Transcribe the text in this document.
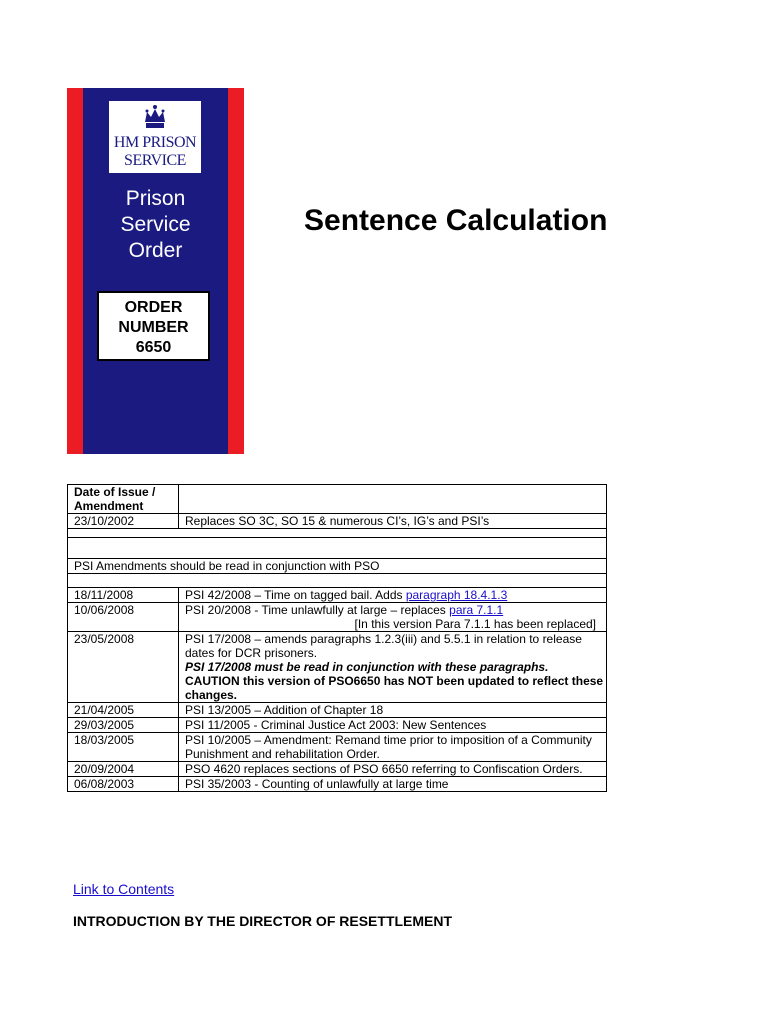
HM PRISON
SERVICE
Prison
Service
Order
ORDER
NUMBER
6650
Sentence Calculation
Date of Issue / Amendment	
23/10/2002	Replaces SO 3C, SO 15 & numerous CI’s, IG’s and PSI’s

PSI Amendments should be read in conjunction with PSO	

18/11/2008	PSI 42/2008 – Time on tagged bail. Adds paragraph 18.4.1.3
10/06/2008	PSI 20/2008 - Time unlawfully at large – replaces para 7.1.1
[In this version Para 7.1.1 has been replaced]

23/05/2008	PSI 17/2008 – amends paragraphs 1.2.3(iii) and 5.5.1 in relation to release dates for DCR prisoners.
PSI 17/2008 must be read in conjunction with these paragraphs.
CAUTION this version of PSO6650 has NOT been updated to reflect these changes.

21/04/2005	PSI 13/2005 – Addition of Chapter 18
29/03/2005	PSI 11/2005 - Criminal Justice Act 2003: New Sentences
18/03/2005	PSI 10/2005 – Amendment: Remand time prior to imposition of a Community Punishment and rehabilitation Order.
20/09/2004	PSO 4620 replaces sections of PSO 6650 referring to Confiscation Orders.
06/08/2003	PSI 35/2003 - Counting of unlawfully at large time
Link to Contents
INTRODUCTION BY THE DIRECTOR OF RESETTLEMENT
